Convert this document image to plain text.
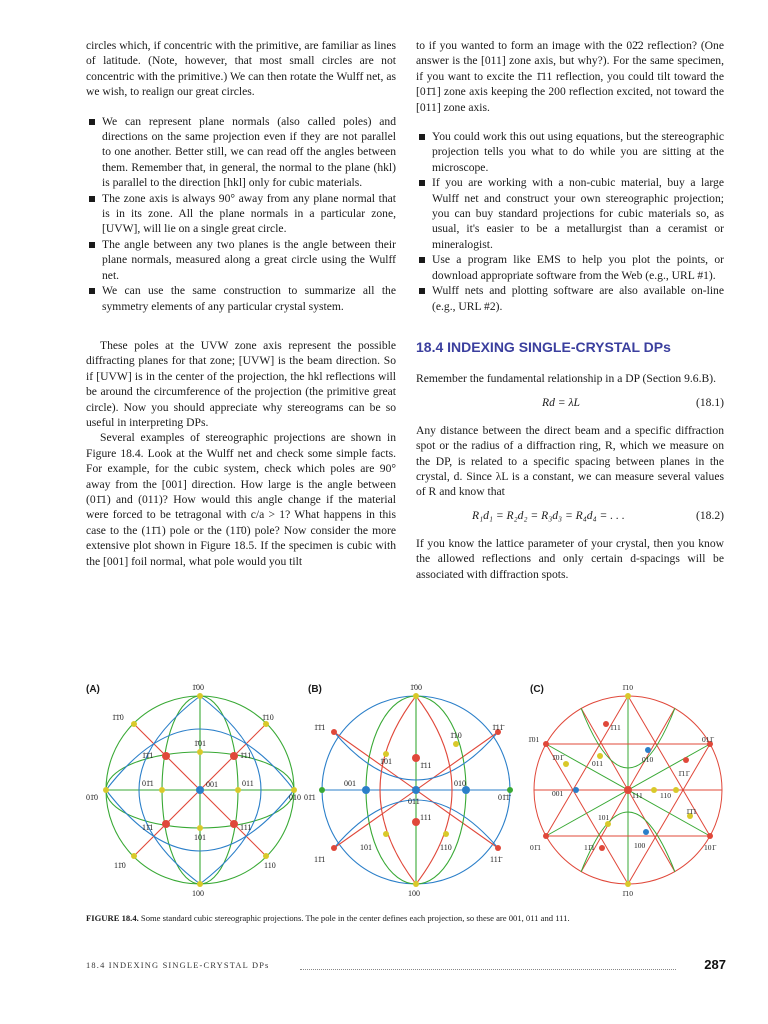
circles which, if concentric with the primitive, are familiar as lines of latitude. (Note, however, that most small circles are not concentric with the primitive.) We can then rotate the Wulff net, as we wish, to realign our great circles.

We can represent plane normals (also called poles) and directions on the same projection even if they are not parallel to one another. Better still, we can read off the angles between them. Remember that, in general, the normal to the plane (hkl) is parallel to the direction [hkl] only for cubic materials.
The zone axis is always 90° away from any plane normal that is in its zone. All the plane normals in a particular zone, [UVW], will lie on a single great circle.
The angle between any two planes is the angle between their plane normals, measured along a great circle using the Wulff net.
We can use the same construction to summarize all the symmetry elements of any particular crystal system.

These poles at the UVW zone axis represent the possible diffracting planes for that zone; [UVW] is the beam direction. So if [UVW] is in the center of the projection, the hkl reflections will be around the circumference of the projection (the primitive great circle). Now you should appreciate why stereograms can be so useful in interpreting DPs.

Several examples of stereographic projections are shown in Figure 18.4. Look at the Wulff net and check some simple facts. For example, for the cubic system, check which poles are 90° away from the [001] direction. How large is the angle between (01̄1) and (011)? How would this angle change if the material were forced to be tetragonal with c/a > 1? What happens in this case to the (11̄1) pole or the (11̄0) pole? Now consider the more extensive plot shown in Figure 18.5. If the specimen is cubic with the [001] foil normal, what pole would you tilt

to if you wanted to form an image with the 02̄2 reflection? (One answer is the [011] zone axis, but why?). For the same specimen, if you want to excite the 1̄11 reflection, you could tilt toward the [01̄1] zone axis keeping the 200 reflection excited, not toward the [011] zone axis.

You could work this out using equations, but the stereographic projection tells you what to do while you are sitting at the microscope.
If you are working with a non-cubic material, buy a large Wulff net and construct your own stereographic projection; you can buy standard projections for cubic materials so, as usual, it's easier to be a metallurgist than a ceramist or mineralogist.
Use a program like EMS to help you plot the points, or download appropriate software from the Web (e.g., URL #1).
Wulff nets and plotting software are also available on-line (e.g., URL #2).
18.4 INDEXING SINGLE-CRYSTAL DPs

Remember the fundamental relationship in a DP (Section 9.6.B).

Rd = λL	(18.1)

Any distance between the direct beam and a specific diffraction spot or the radius of a diffraction ring, R, which we measure on the DP, is related to a specific spacing between planes in the crystal, d. Since λL is a constant, we can measure several values of R and know that

R₁d₁ = R₂d₂ = R₃d₃ = R₄d₄ = . . .	(18.2)

If you know the lattice parameter of your crystal, then you know the allowed reflections and only certain d-spacings will be associated with diffraction spots.

(A)
001
1̄00
100
01̄0	010
1̄1̄0	1̄10
11̄0	110
1̄1̄1	1̄11
11̄1	111
1̄01
101
01̄1	011
(B)
011
1̄00
100
01̄1	01̄1̄
1̄1̄1	1̄11̄
11̄1	111̄
1̄10
1̄01	1̄11
001	010
111
101	110
(C)	1̄10
1̄10
1̄01	011̄
01̄1	101̄
1̄11
011	010
001	111 110
101
100
11̄1
1̄11̄
1̄01̄
1̄1̄1
FIGURE 18.4. Some standard cubic stereographic projections. The pole in the center defines each projection, so these are 001, 011 and 111.
18.4 INDEXING SINGLE-CRYSTAL DPs	287
